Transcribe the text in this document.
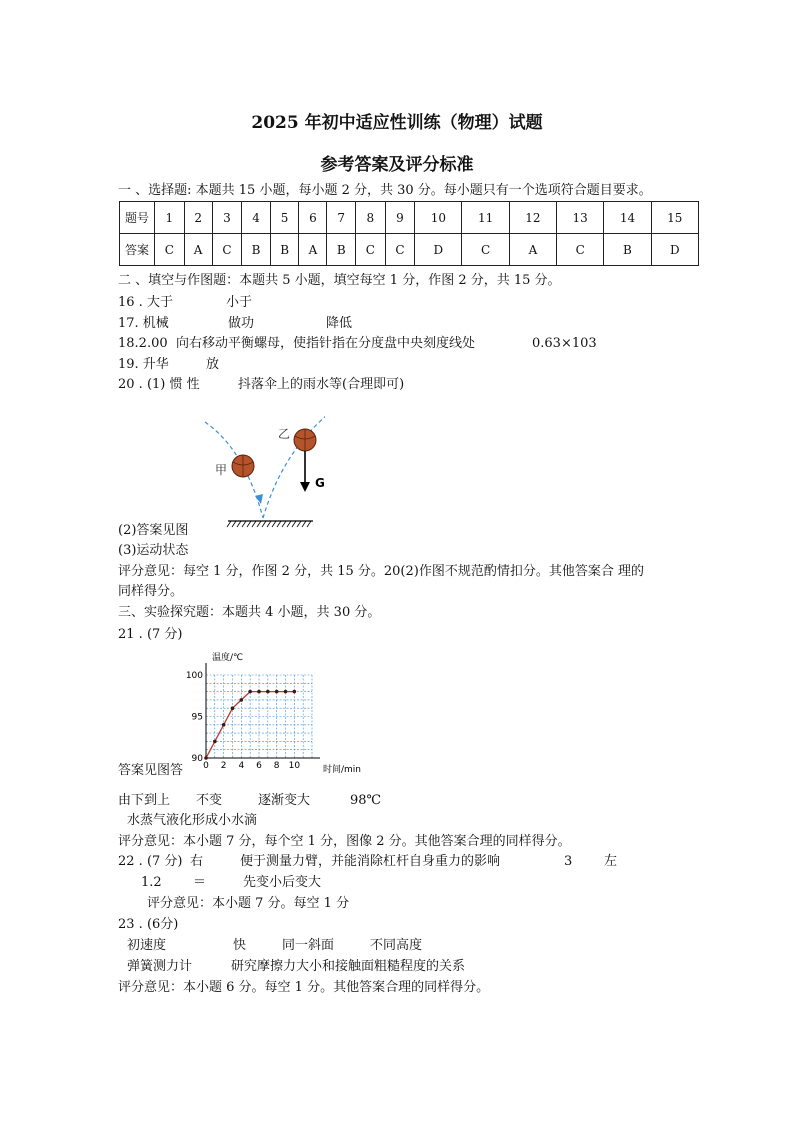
2025 年初中适应性训练（物理）试题
参考答案及评分标准
一 、选择题: 本题共 15 小题，每小题 2 分，共 30 分。每小题只有一个选项符合题目要求。
题号	1	2	3	4	5	6	7	8	9	10	11	12	13	14	15
答案	C	A	C	B	B	A	B	C	C	D	C	A	C	B	D
二 、填空与作图题：本题共 5 小题，填空每空 1 分，作图 2 分，共 15 分。
16 . 大于	小于
17. 机械	做功	降低
18.2.00 向右移动平衡螺母，使指针指在分度盘中央刻度线处	0.63×103
19. 升华	放
20 . (1) 惯 性	抖落伞上的雨水等(合理即可)
甲
乙
G
(2)答案见图
(3)运动状态
评分意见：每空 1 分，作图 2 分，共 15 分。20(2)作图不规范酌情扣分。其他答案合 理的
同样得分。
三、实验探究题：本题共 4 小题，共 30 分。
21 . (7 分)
0 2 4 6 8 10
90
95
100
温度/℃
时间/min
答案见图答
由下到上 不变	逐渐变大	98℃
水蒸气液化形成小水滴
评分意见：本小题 7 分，每个空 1 分，图像 2 分。其他答案合理的同样得分。
22 . (7 分) 右	便于测量力臂，并能消除杠杆自身重力的影响	3 左
1.2 ＝	先变小后变大
评分意见：本小题 7 分。每空 1 分
23 . (6分)
初速度	快	同一斜面	不同高度
弹簧测力计	研究摩擦力大小和接触面粗糙程度的关系
评分意见：本小题 6 分。每空 1 分。其他答案合理的同样得分。
